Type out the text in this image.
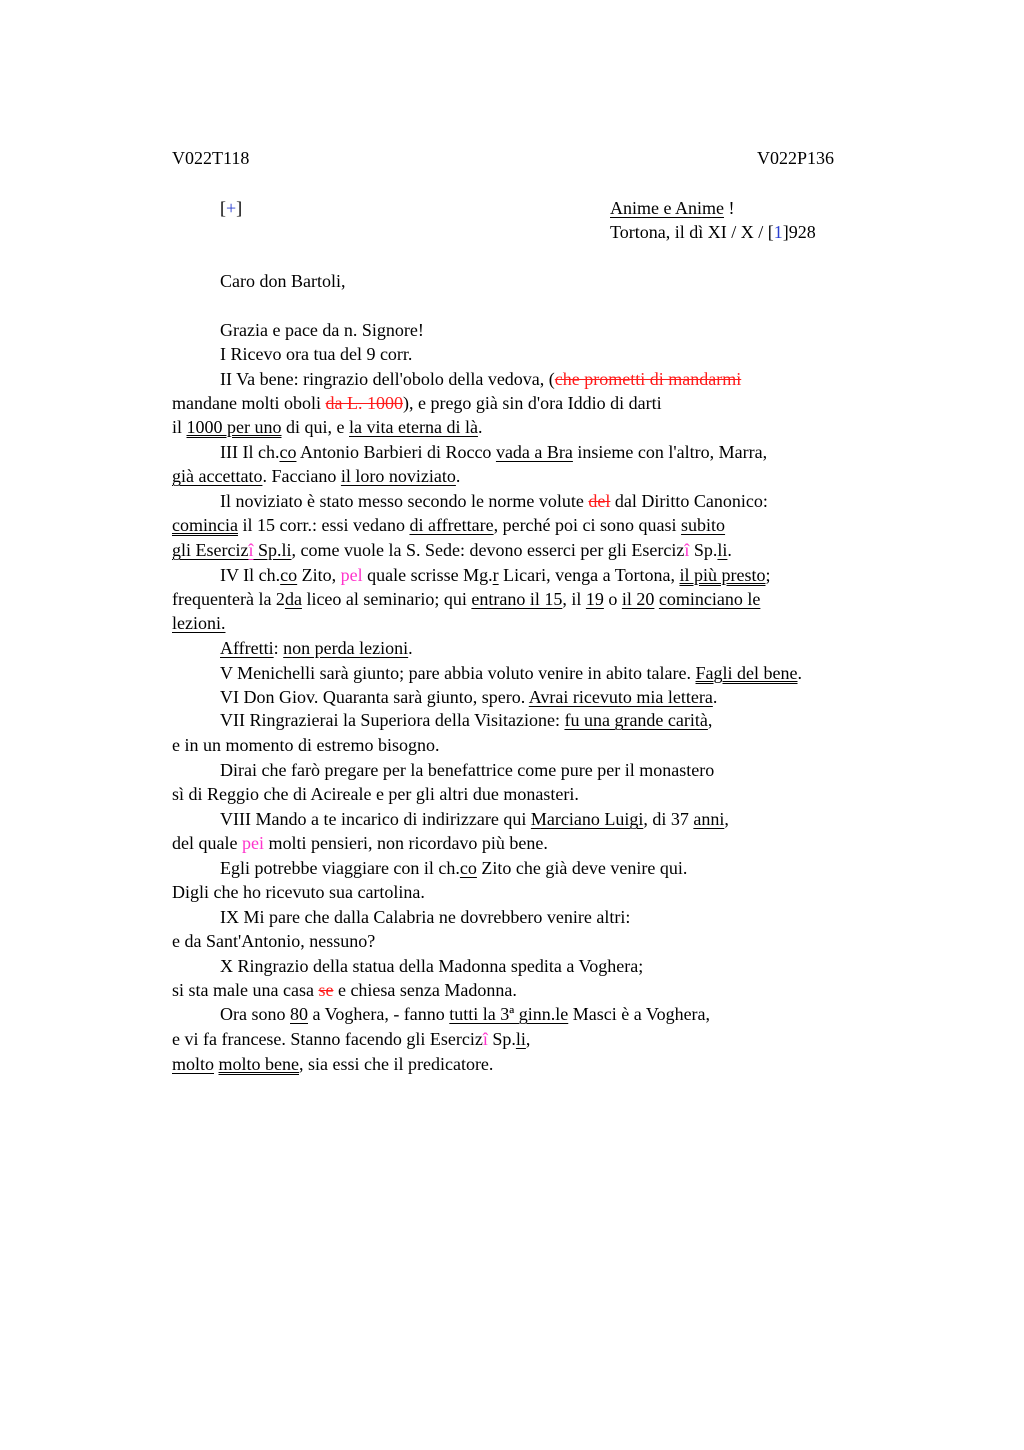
V022T118	V022P136
[+]	Anime e Anime !
Tortona, il dì XI / X / [1]928
Caro don Bartoli,
Grazia e pace da n. Signore!
I Ricevo ora tua del 9 corr.
II Va bene: ringrazio dell'obolo della vedova, (che prometti di mandarmi
mandane molti oboli da L. 1000), e prego già sin d'ora Iddio di darti
il 1000 per uno di qui, e la vita eterna di là.
III Il ch.co Antonio Barbieri di Rocco vada a Bra insieme con l'altro, Marra,
già accettato. Facciano il loro noviziato.
Il noviziato è stato messo secondo le norme volute del dal Diritto Canonico:
comincia il 15 corr.: essi vedano di affrettare, perché poi ci sono quasi subito
gli Esercizî Sp.li, come vuole la S. Sede: devono esserci per gli Esercizî Sp.li.
IV Il ch.co Zito, pel quale scrisse Mg.r Licari, venga a Tortona, il più presto;
frequenterà la 2da liceo al seminario; qui entrano il 15, il 19 o il 20 cominciano le
lezioni.
Affretti: non perda lezioni.
V Menichelli sarà giunto; pare abbia voluto venire in abito talare. Fagli del bene.
VI Don Giov. Quaranta sarà giunto, spero. Avrai ricevuto mia lettera.
VII Ringrazierai la Superiora della Visitazione: fu una grande carità,
e in un momento di estremo bisogno.
Dirai che farò pregare per la benefattrice come pure per il monastero
sì di Reggio che di Acireale e per gli altri due monasteri.
VIII Mando a te incarico di indirizzare qui Marciano Luigi, di 37 anni,
del quale pei molti pensieri, non ricordavo più bene.
Egli potrebbe viaggiare con il ch.co Zito che già deve venire qui.
Digli che ho ricevuto sua cartolina.
IX Mi pare che dalla Calabria ne dovrebbero venire altri:
e da Sant'Antonio, nessuno?
X Ringrazio della statua della Madonna spedita a Voghera;
si sta male una casa se e chiesa senza Madonna.
Ora sono 80 a Voghera, - fanno tutti la 3ª ginn.le Masci è a Voghera,
e vi fa francese. Stanno facendo gli Esercizî Sp.li,
molto molto bene, sia essi che il predicatore.
